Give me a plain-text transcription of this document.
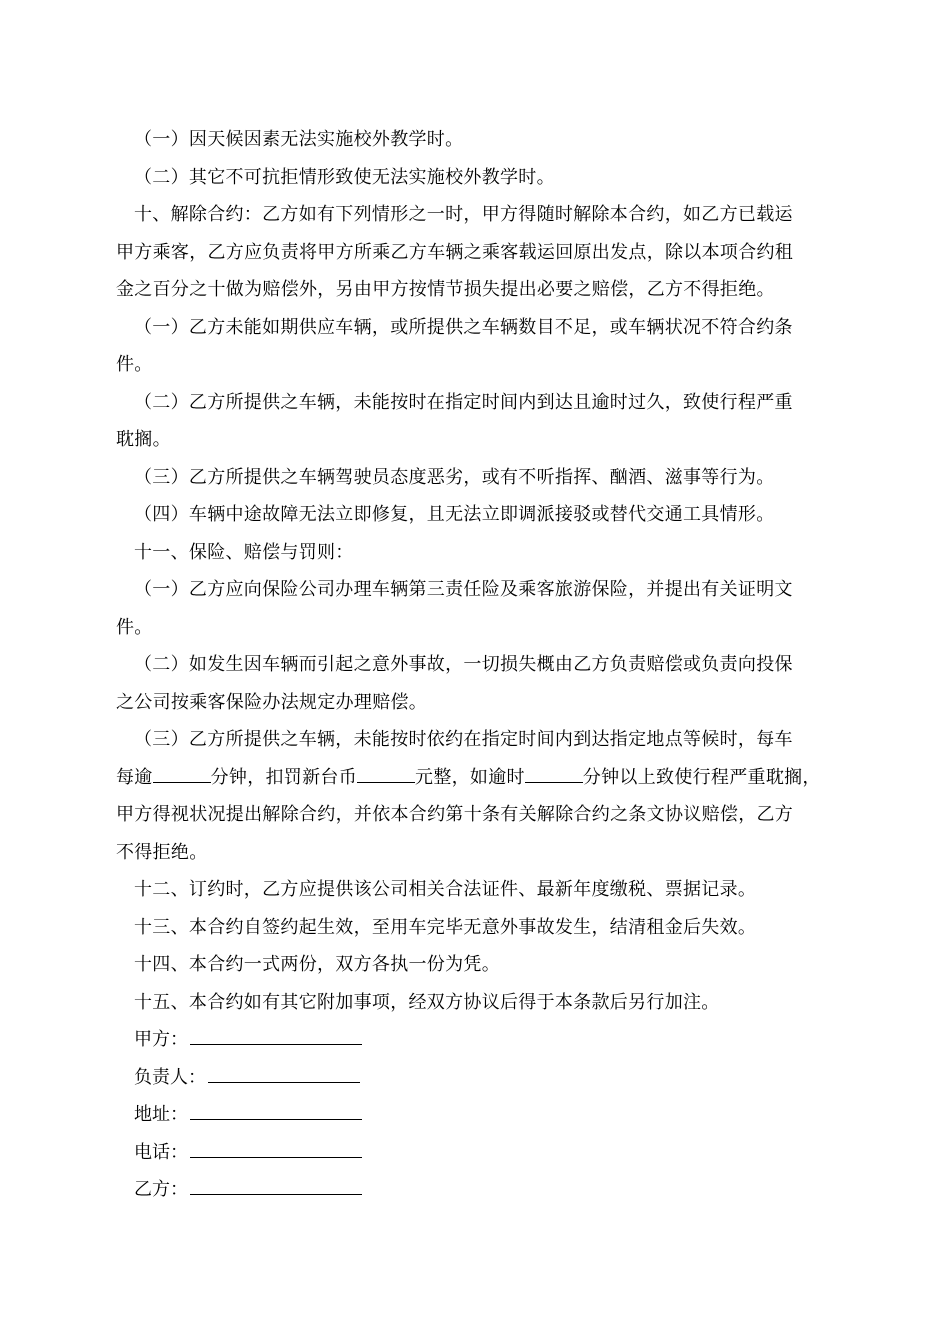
（一）因天候因素无法实施校外教学时。

（二）其它不可抗拒情形致使无法实施校外教学时。

十、解除合约：乙方如有下列情形之一时，甲方得随时解除本合约，如乙方已载运
甲方乘客，乙方应负责将甲方所乘乙方车辆之乘客载运回原出发点，除以本项合约租
金之百分之十做为赔偿外，另由甲方按情节损失提出必要之赔偿，乙方不得拒绝。

（一）乙方未能如期供应车辆，或所提供之车辆数目不足，或车辆状况不符合约条
件。

（二）乙方所提供之车辆，未能按时在指定时间内到达且逾时过久，致使行程严重
耽搁。

（三）乙方所提供之车辆驾驶员态度恶劣，或有不听指挥、酗酒、滋事等行为。

（四）车辆中途故障无法立即修复，且无法立即调派接驳或替代交通工具情形。

十一、保险、赔偿与罚则：

（一）乙方应向保险公司办理车辆第三责任险及乘客旅游保险，并提出有关证明文
件。

（二）如发生因车辆而引起之意外事故，一切损失概由乙方负责赔偿或负责向投保
之公司按乘客保险办法规定办理赔偿。

（三）乙方所提供之车辆，未能按时依约在指定时间内到达指定地点等候时，每车
每逾	分钟，扣罚新台币	元整，如逾时	分钟以上致使行程严重耽搁，
甲方得视状况提出解除合约，并依本合约第十条有关解除合约之条文协议赔偿，乙方
不得拒绝。

十二、订约时，乙方应提供该公司相关合法证件、最新年度缴税、票据记录。

十三、本合约自签约起生效，至用车完毕无意外事故发生，结清租金后失效。

十四、本合约一式两份，双方各执一份为凭。

十五、本合约如有其它附加事项，经双方协议后得于本条款后另行加注。

甲方：

负责人：

地址：

电话：

乙方：
